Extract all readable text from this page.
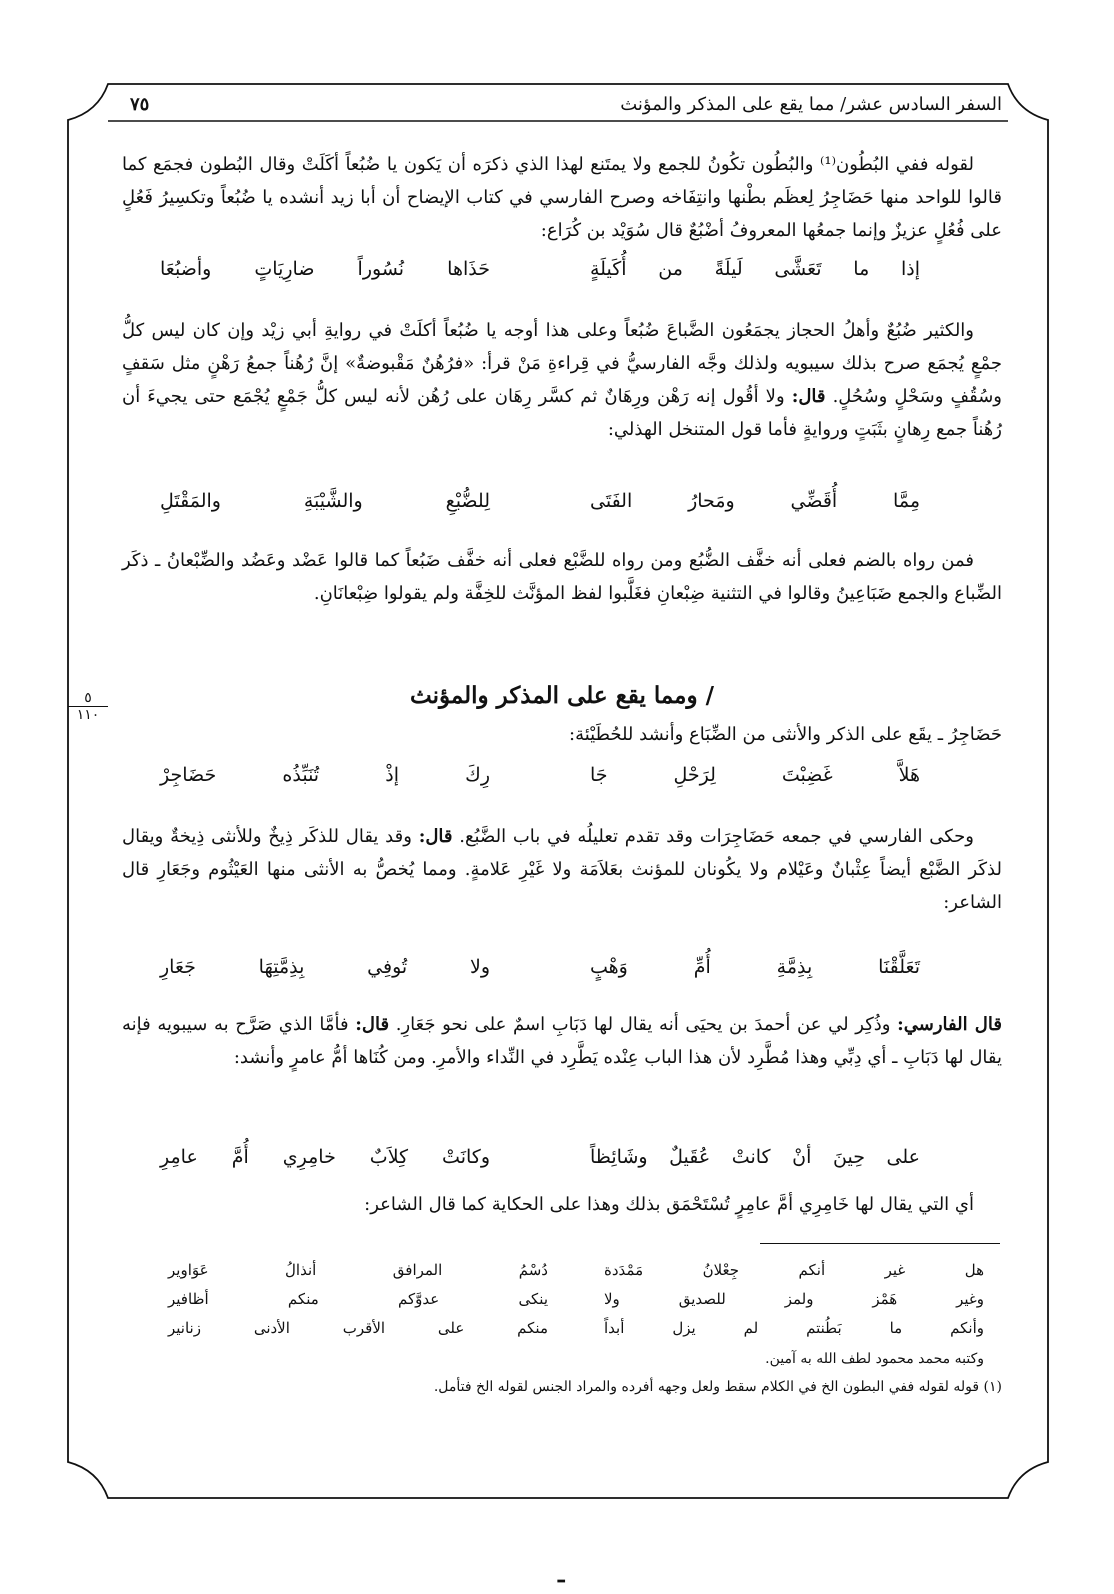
السفر السادس عشر/ مما يقع على المذكر والمؤنث
٧٥
٥
١١٠

لقوله ففي البُطُون⁽¹⁾ والبُطُون تكُونُ للجمع ولا يمتَنع لهذا الذي ذكرَه أن يَكون يا ضُبُعاً أكَلَتْ وقال البُطون فجمَع كما قالوا للواحد منها حَضَاجِرُ لِعظَم بطْنها وانتِفَاخه وصرح الفارسي في كتاب الإيضاح أن أبا زيد أنشده يا ضُبُعاً وتكسِيرُ فَعُلٍ على فُعُلٍ عزيزٌ وإنما جمعُها المعروفُ أضْبُعٌ قال سُوَيْد بن كُرَاع:

إذا ما تَعَشَّى لَيلَةً من أُكَيلَةٍ
حَذَاها نُسُوراً ضارِيَاتٍ وأضبُعَا

والكثير ضُبُعٌ وأهلُ الحجاز يجمَعُون الضَّباعَ ضُبُعاً وعلى هذا أوجه يا ضُبُعاً أكلَتْ في روايةِ أبي زيْد وإن كان ليس كلُّ جمْعٍ يُجمَع صرح بذلك سيبويه ولذلك وجَّه الفارسيُّ في قِراءةِ مَنْ قرأ: «فرُهُنٌ مَقْبوضةٌ» إنَّ رُهُناً جمعُ رَهْنٍ مثل سَقفٍ وسُقُفٍ وسَحْلٍ وسُحُلٍ. قال: ولا أقُول إنه رَهْن ورِهَانٌ ثم كسَّر رِهَان على رُهُن لأنه ليس كلُّ جَمْعٍ يُجْمَع حتى يجيءَ أن رُهُناً جمع رِهانٍ بثَبَتٍ وروايةٍ فأما قول المتنخل الهذلي:

مِمَّا أُقَضِّي ومَحارُ الفَتَى
لِلضُّبْعِ والشَّيْبَةِ والمَقْتَلِ

فمن رواه بالضم فعلى أنه خفَّف الضُّبُع ومن رواه للضَّبْع فعلى أنه خفَّف ضَبُعاً كما قالوا عَضْد وعَضُد والضِّبْعانُ ـ ذكَر الضِّباع والجمع ضَبَاعِينُ وقالوا في التثنية ضِبْعانِ فغَلَّبوا لفظ المؤنَّث للخِفَّة ولم يقولوا ضِبْعانَانِ.

/ ومما يقع على المذكر والمؤنث

حَضَاجِرُ ـ يقَع على الذكر والأنثى من الضِّبَاع وأنشد للحُطَيْئة:

هَلاَّ غَضِبْتَ لِرَحْلِ جَا
رِكَ إذْ تُنَبِّذُه حَضَاجِرْ

وحكى الفارسي في جمعه حَضَاجِرَات وقد تقدم تعليلُه في باب الضَّبُع. قال: وقد يقال للذكَر ذِيخٌ وللأنثى ذِيخةٌ ويقال لذكَر الضَّبْع أيضاً عِثْبانٌ وعَيْلام ولا يكُونان للمؤنث بعَلاَمَة ولا غَيْرِ عَلامةٍ. ومما يُخصُّ به الأنثى منها العَيْثُوم وجَعَارِ قال الشاعر:

تَعَلَّقْنَا بِذِمَّةِ أُمِّ وَهْبٍ
ولا تُوفِي بِذِمَّتِهَا جَعَارِ

قال الفارسي: وذُكِر لي عن أحمدَ بن يحيَى أنه يقال لها دَبَابِ اسمٌ على نحو جَعَارِ. قال: فأمَّا الذي صَرَّح به سيبويه فإنه يقال لها دَبَابِ ـ أي دِبِّي وهذا مُطَّرِد لأن هذا الباب عِنْده يَطَّرِد في النِّداء والأمرِ. ومن كُنَاها أمُّ عامرٍ وأنشد:

على حِينَ أنْ كانتْ عُقَيلٌ وشَائِظاً
وكانَتْ كِلاَبٌ خامِرِي أُمَّ عامِرِ

أي التي يقال لها خَامِرِي أمَّ عامِرٍ تُسْتَحْمَق بذلك وهذا على الحكاية كما قال الشاعر:

هل غير أنكم جِعْلانُ مَمْدَدة
وغير هَمْز ولمز للصديق ولا
وأنكم ما بَطُنتم لم يزل أبداً
دُسْمُ المرافق أنذالُ عَوَاوير
ينكى عدوَّكم منكم أظافير
منكم على الأقرب الأدنى زنانير
وكتبه محمد محمود لطف الله به آمين.
(١) قوله لقوله ففي البطون الخ في الكلام سقط ولعل وجهه أفرده والمراد الجنس لقوله الخ فتأمل.
ـ
